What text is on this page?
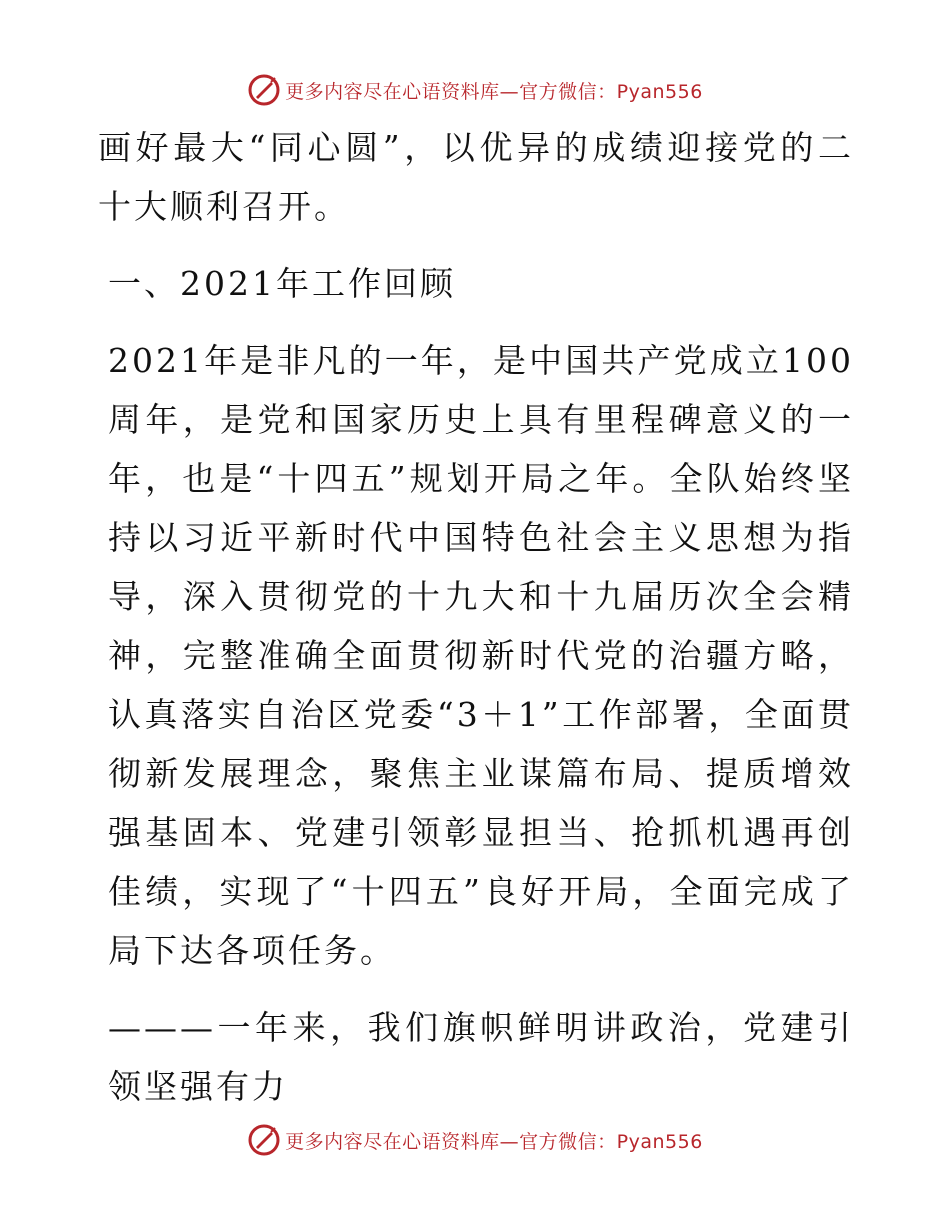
更多内容尽在心语资料库—官方微信：Pyan556

画好最大“同心圆”，以优异的成绩迎接党的二十大顺利召开。

一、2021年工作回顾

2021年是非凡的一年，是中国共产党成立100周年，是党和国家历史上具有里程碑意义的一年，也是“十四五”规划开局之年。全队始终坚持以习近平新时代中国特色社会主义思想为指导，深入贯彻党的十九大和十九届历次全会精神，完整准确全面贯彻新时代党的治疆方略，认真落实自治区党委“3＋1”工作部署，全面贯彻新发展理念，聚焦主业谋篇布局、提质增效强基固本、党建引领彰显担当、抢抓机遇再创佳绩，实现了“十四五”良好开局，全面完成了局下达各项任务。

———一年来，我们旗帜鲜明讲政治，党建引领坚强有力

更多内容尽在心语资料库—官方微信：Pyan556
